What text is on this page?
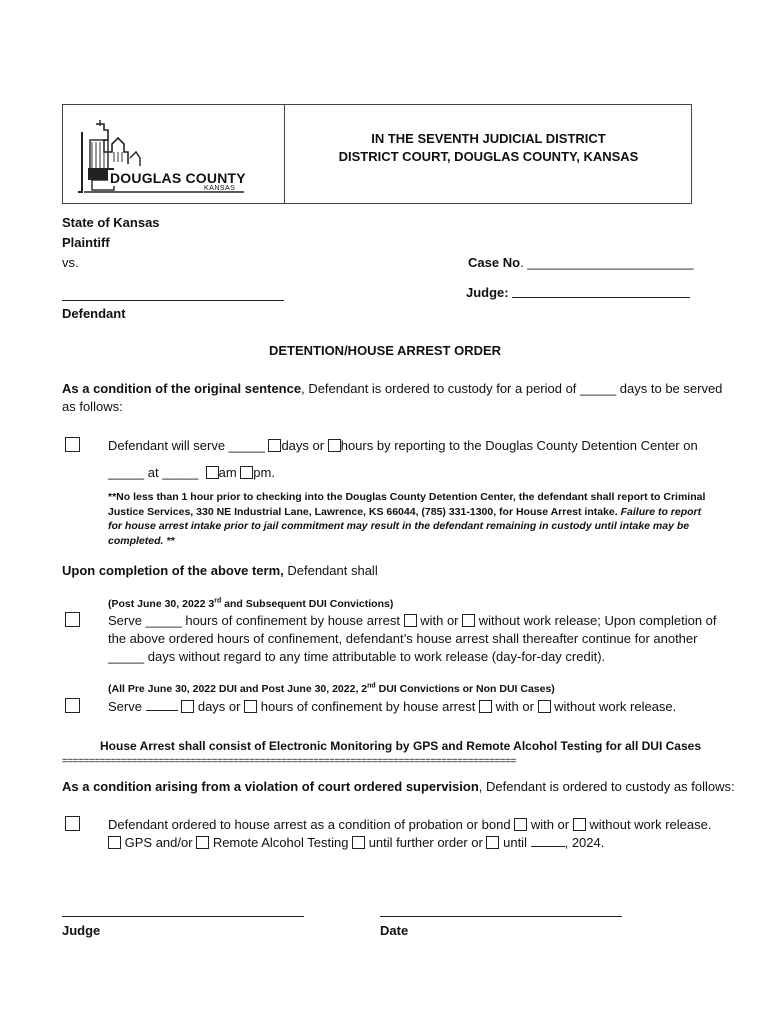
DOUGLAS COUNTY
KANSAS
IN THE SEVENTH JUDICIAL DISTRICT
DISTRICT COURT, DOUGLAS COUNTY, KANSAS
State of Kansas
Plaintiff
vs.
Defendant
Case No. _______________________
Judge:
DETENTION/HOUSE ARREST ORDER
As a condition of the original sentence, Defendant is ordered to custody for a period of _____ days to be served
as follows:
Defendant will serve _____ days or hours by reporting to the Douglas County Detention Center on
_____ at _____ am pm.
**No less than 1 hour prior to checking into the Douglas County Detention Center, the defendant shall report to Criminal
Justice Services, 330 NE Industrial Lane, Lawrence, KS 66044, (785) 331-1300, for House Arrest intake. Failure to report
for house arrest intake prior to jail commitment may result in the defendant remaining in custody until intake may be
completed. **
Upon completion of the above term, Defendant shall
(Post June 30, 2022 3rd and Subsequent DUI Convictions)
Serve _____ hours of confinement by house arrest with or without work release; Upon completion of
the above ordered hours of confinement, defendant’s house arrest shall thereafter continue for another
_____ days without regard to any time attributable to work release (day-for-day credit).
(All Pre June 30, 2022 DUI and Post June 30, 2022, 2nd DUI Convictions or Non DUI Cases)
Serve	days or hours of confinement by house arrest with or without work release.
House Arrest shall consist of Electronic Monitoring by GPS and Remote Alcohol Testing for all DUI Cases
=====================================================================================
As a condition arising from a violation of court ordered supervision, Defendant is ordered to custody as follows:
Defendant ordered to house arrest as a condition of probation or bond with or without work release.
GPS and/or Remote Alcohol Testing until further order or until	, 2024.
Judge	Date
